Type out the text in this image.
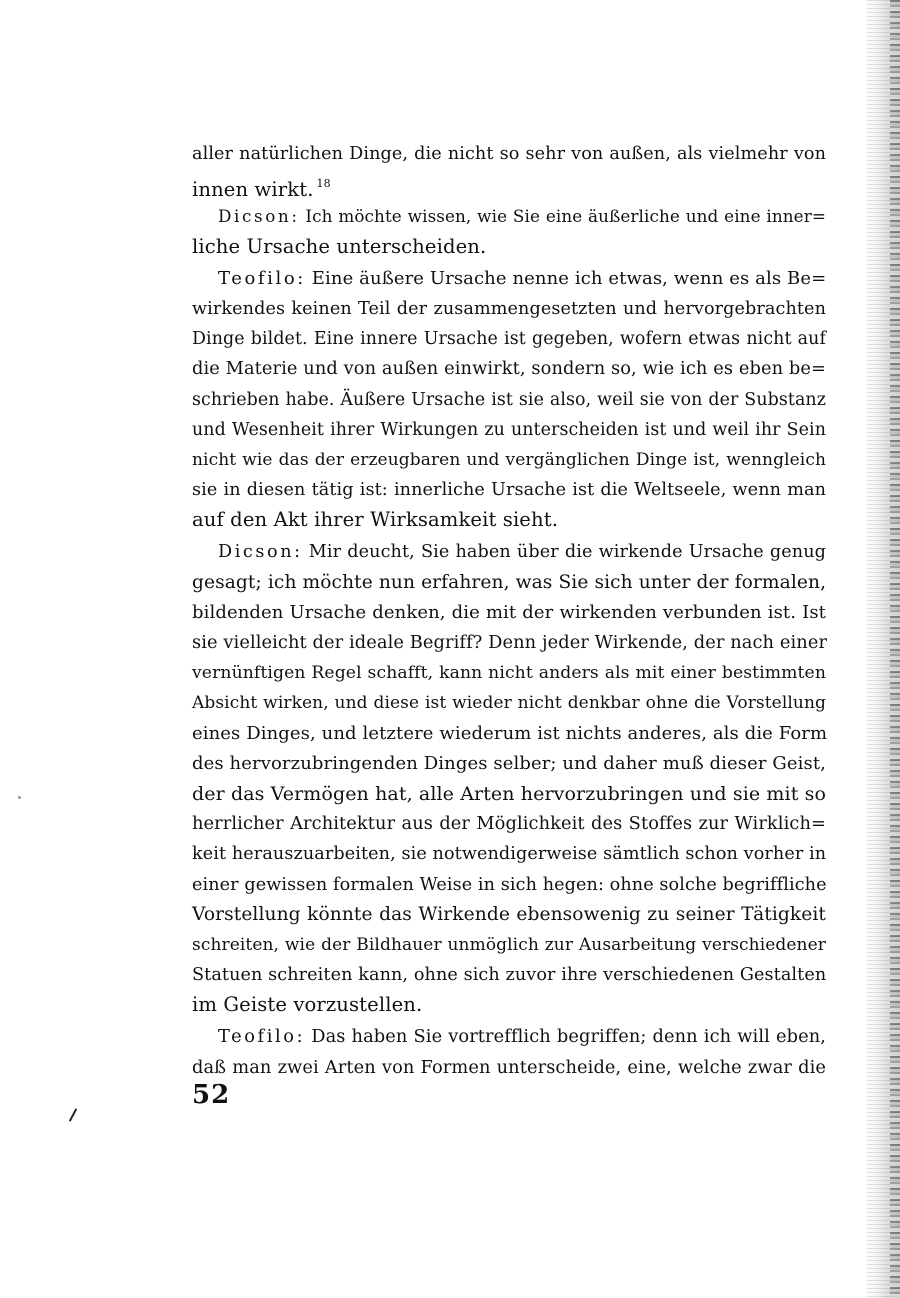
aller natürlichen Dinge, die nicht so sehr von außen, als vielmehr von
innen wirkt. $^{18}$
Dicson: Ich möchte wissen, wie Sie eine äußerliche und eine inner=
liche Ursache unterscheiden.
Teofilo: Eine äußere Ursache nenne ich etwas, wenn es als Be=
wirkendes keinen Teil der zusammengesetzten und hervorgebrachten
Dinge bildet. Eine innere Ursache ist gegeben, wofern etwas nicht auf
die Materie und von außen einwirkt, sondern so, wie ich es eben be=
schrieben habe. Äußere Ursache ist sie also, weil sie von der Substanz
und Wesenheit ihrer Wirkungen zu unterscheiden ist und weil ihr Sein
nicht wie das der erzeugbaren und vergänglichen Dinge ist, wenngleich
sie in diesen tätig ist: innerliche Ursache ist die Weltseele, wenn man
auf den Akt ihrer Wirksamkeit sieht.
Dicson: Mir deucht, Sie haben über die wirkende Ursache genug
gesagt; ich möchte nun erfahren, was Sie sich unter der formalen,
bildenden Ursache denken, die mit der wirkenden verbunden ist. Ist
sie vielleicht der ideale Begriff? Denn jeder Wirkende, der nach einer
vernünftigen Regel schafft, kann nicht anders als mit einer bestimmten
Absicht wirken, und diese ist wieder nicht denkbar ohne die Vorstellung
eines Dinges, und letztere wiederum ist nichts anderes, als die Form
des hervorzubringenden Dinges selber; und daher muß dieser Geist,
der das Vermögen hat, alle Arten hervorzubringen und sie mit so
herrlicher Architektur aus der Möglichkeit des Stoffes zur Wirklich=
keit herauszuarbeiten, sie notwendigerweise sämtlich schon vorher in
einer gewissen formalen Weise in sich hegen: ohne solche begriffliche
Vorstellung könnte das Wirkende ebensowenig zu seiner Tätigkeit
schreiten, wie der Bildhauer unmöglich zur Ausarbeitung verschiedener
Statuen schreiten kann, ohne sich zuvor ihre verschiedenen Gestalten
im Geiste vorzustellen.
Teofilo: Das haben Sie vortrefflich begriffen; denn ich will eben,
daß man zwei Arten von Formen unterscheide, eine, welche zwar die
52
